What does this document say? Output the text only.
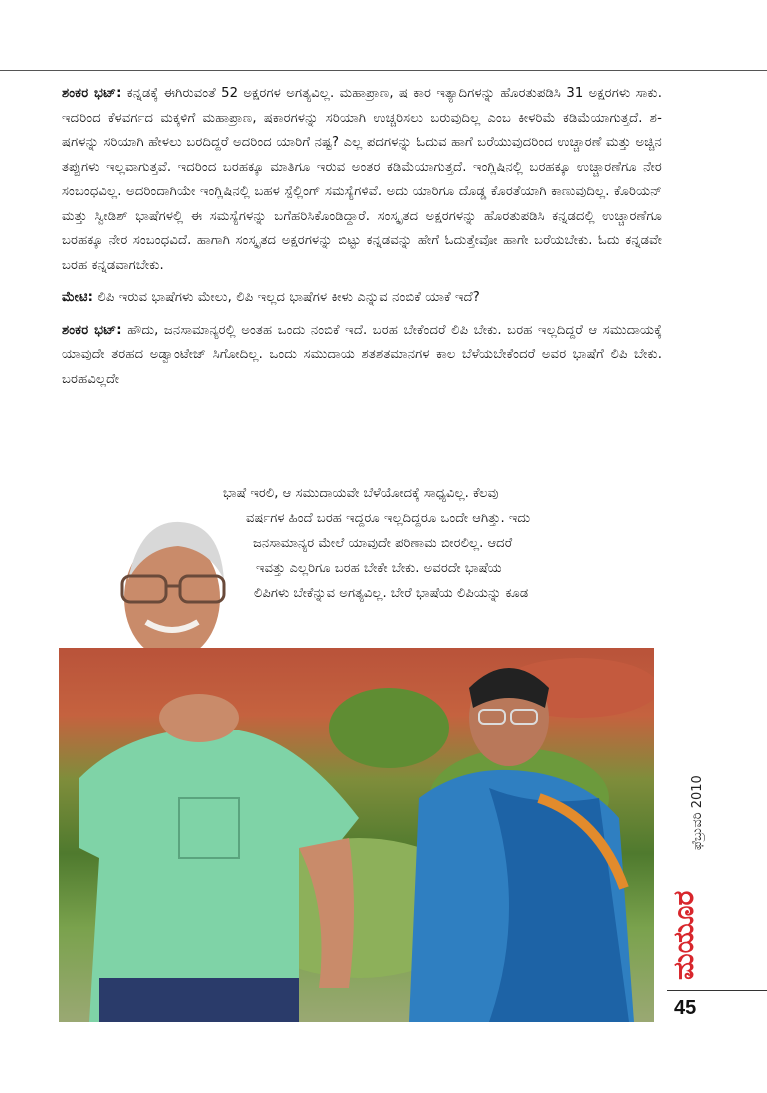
ಶಂಕರ ಭಟ್: ಕನ್ನಡಕ್ಕೆ ಈಗಿರುವಂತೆ 52 ಅಕ್ಷರಗಳ ಅಗತ್ಯವಿಲ್ಲ. ಮಹಾಪ್ರಾಣ, ಷ ಕಾರ ಇತ್ಯಾದಿಗಳನ್ನು ಹೊರತುಪಡಿಸಿ 31 ಅಕ್ಷರಗಳು ಸಾಕು. ಇದರಿಂದ ಕೆಳವರ್ಗದ ಮಕ್ಕಳಿಗೆ ಮಹಾಪ್ರಾಣ, ಷಕಾರಗಳನ್ನು ಸರಿಯಾಗಿ ಉಚ್ಚರಿಸಲು ಬರುವುದಿಲ್ಲ ಎಂಬ ಕೀಳರಿಮೆ ಕಡಿಮೆಯಾಗುತ್ತದೆ. ಶ-ಷಗಳನ್ನು ಸರಿಯಾಗಿ ಹೇಳಲು ಬರದಿದ್ದರೆ ಅದರಿಂದ ಯಾರಿಗೆ ನಷ್ಟ? ಎಲ್ಲ ಪದಗಳನ್ನು ಓದುವ ಹಾಗೆ ಬರೆಯುವುದರಿಂದ ಉಚ್ಚಾರಣೆ ಮತ್ತು ಅಚ್ಚಿನ ತಪ್ಪುಗಳು ಇಲ್ಲವಾಗುತ್ತವೆ. ಇದರಿಂದ ಬರಹಕ್ಕೂ ಮಾತಿಗೂ ಇರುವ ಅಂತರ ಕಡಿಮೆಯಾಗುತ್ತದೆ. ಇಂಗ್ಲಿಷಿನಲ್ಲಿ ಬರಹಕ್ಕೂ ಉಚ್ಚಾರಣೆಗೂ ನೇರ ಸಂಬಂಧವಿಲ್ಲ. ಅದರಿಂದಾಗಿಯೇ ಇಂಗ್ಲಿಷಿನಲ್ಲಿ ಬಹಳ ಸ್ಪೆಲ್ಲಿಂಗ್ ಸಮಸ್ಯೆಗಳಿವೆ. ಅದು ಯಾರಿಗೂ ದೊಡ್ಡ ಕೊರತೆಯಾಗಿ ಕಾಣುವುದಿಲ್ಲ. ಕೊರಿಯನ್ ಮತ್ತು ಸ್ವೀಡಿಶ್ ಭಾಷೆಗಳಲ್ಲಿ ಈ ಸಮಸ್ಯೆಗಳನ್ನು ಬಗೆಹರಿಸಿಕೊಂಡಿದ್ದಾರೆ. ಸಂಸ್ಕೃತದ ಅಕ್ಷರಗಳನ್ನು ಹೊರತುಪಡಿಸಿ ಕನ್ನಡದಲ್ಲಿ ಉಚ್ಚಾರಣೆಗೂ ಬರಹಕ್ಕೂ ನೇರ ಸಂಬಂಧವಿದೆ. ಹಾಗಾಗಿ ಸಂಸ್ಕೃತದ ಅಕ್ಷರಗಳನ್ನು ಬಿಟ್ಟು ಕನ್ನಡವನ್ನು ಹೇಗೆ ಓದುತ್ತೇವೋ ಹಾಗೇ ಬರೆಯಬೇಕು. ಓದು ಕನ್ನಡವೇ ಬರಹ ಕನ್ನಡವಾಗಬೇಕು.

ಮೇಟಿ: ಲಿಪಿ ಇರುವ ಭಾಷೆಗಳು ಮೇಲು, ಲಿಪಿ ಇಲ್ಲದ ಭಾಷೆಗಳ ಕೀಳು ಎನ್ನುವ ನಂಬಿಕೆ ಯಾಕೆ ಇದೆ?

ಶಂಕರ ಭಟ್: ಹೌದು, ಜನಸಾಮಾನ್ಯರಲ್ಲಿ ಅಂತಹ ಒಂದು ನಂಬಿಕೆ ಇದೆ. ಬರಹ ಬೇಕೆಂದರೆ ಲಿಪಿ ಬೇಕು. ಬರಹ ಇಲ್ಲದಿದ್ದರೆ ಆ ಸಮುದಾಯಕ್ಕೆ ಯಾವುದೇ ತರಹದ ಅಡ್ವಾಂಟೇಜ್ ಸಿಗೋದಿಲ್ಲ. ಒಂದು ಸಮುದಾಯ ಶತಶತಮಾನಗಳ ಕಾಲ ಬೆಳೆಯಬೇಕೆಂದರೆ ಅವರ ಭಾಷೆಗೆ ಲಿಪಿ ಬೇಕು. ಬರಹವಿಲ್ಲದೇ

ಭಾಷೆ ಇರಲಿ, ಆ ಸಮುದಾಯವೇ ಬೆಳೆಯೋದಕ್ಕೆ ಸಾಧ್ಯವಿಲ್ಲ. ಕೆಲವು
ವರ್ಷಗಳ ಹಿಂದೆ ಬರಹ ಇದ್ದರೂ ಇಲ್ಲದಿದ್ದರೂ ಒಂದೇ ಆಗಿತ್ತು. ಇದು
ಜನಸಾಮಾನ್ಯರ ಮೇಲೆ ಯಾವುದೇ ಪರಿಣಾಮ ಬೀರಲಿಲ್ಲ. ಆದರೆ
ಇವತ್ತು ಎಲ್ಲರಿಗೂ ಬರಹ ಬೇಕೇ ಬೇಕು. ಅವರದೇ ಭಾಷೆಯ
ಲಿಪಿಗಳು ಬೇಕೆನ್ನುವ ಅಗತ್ಯವಿಲ್ಲ. ಬೇರೆ ಭಾಷೆಯ ಲಿಪಿಯನ್ನು ಕೂಡ
ಮಯೂರ
ಫೆಬ್ರುವರಿ 2010
45
